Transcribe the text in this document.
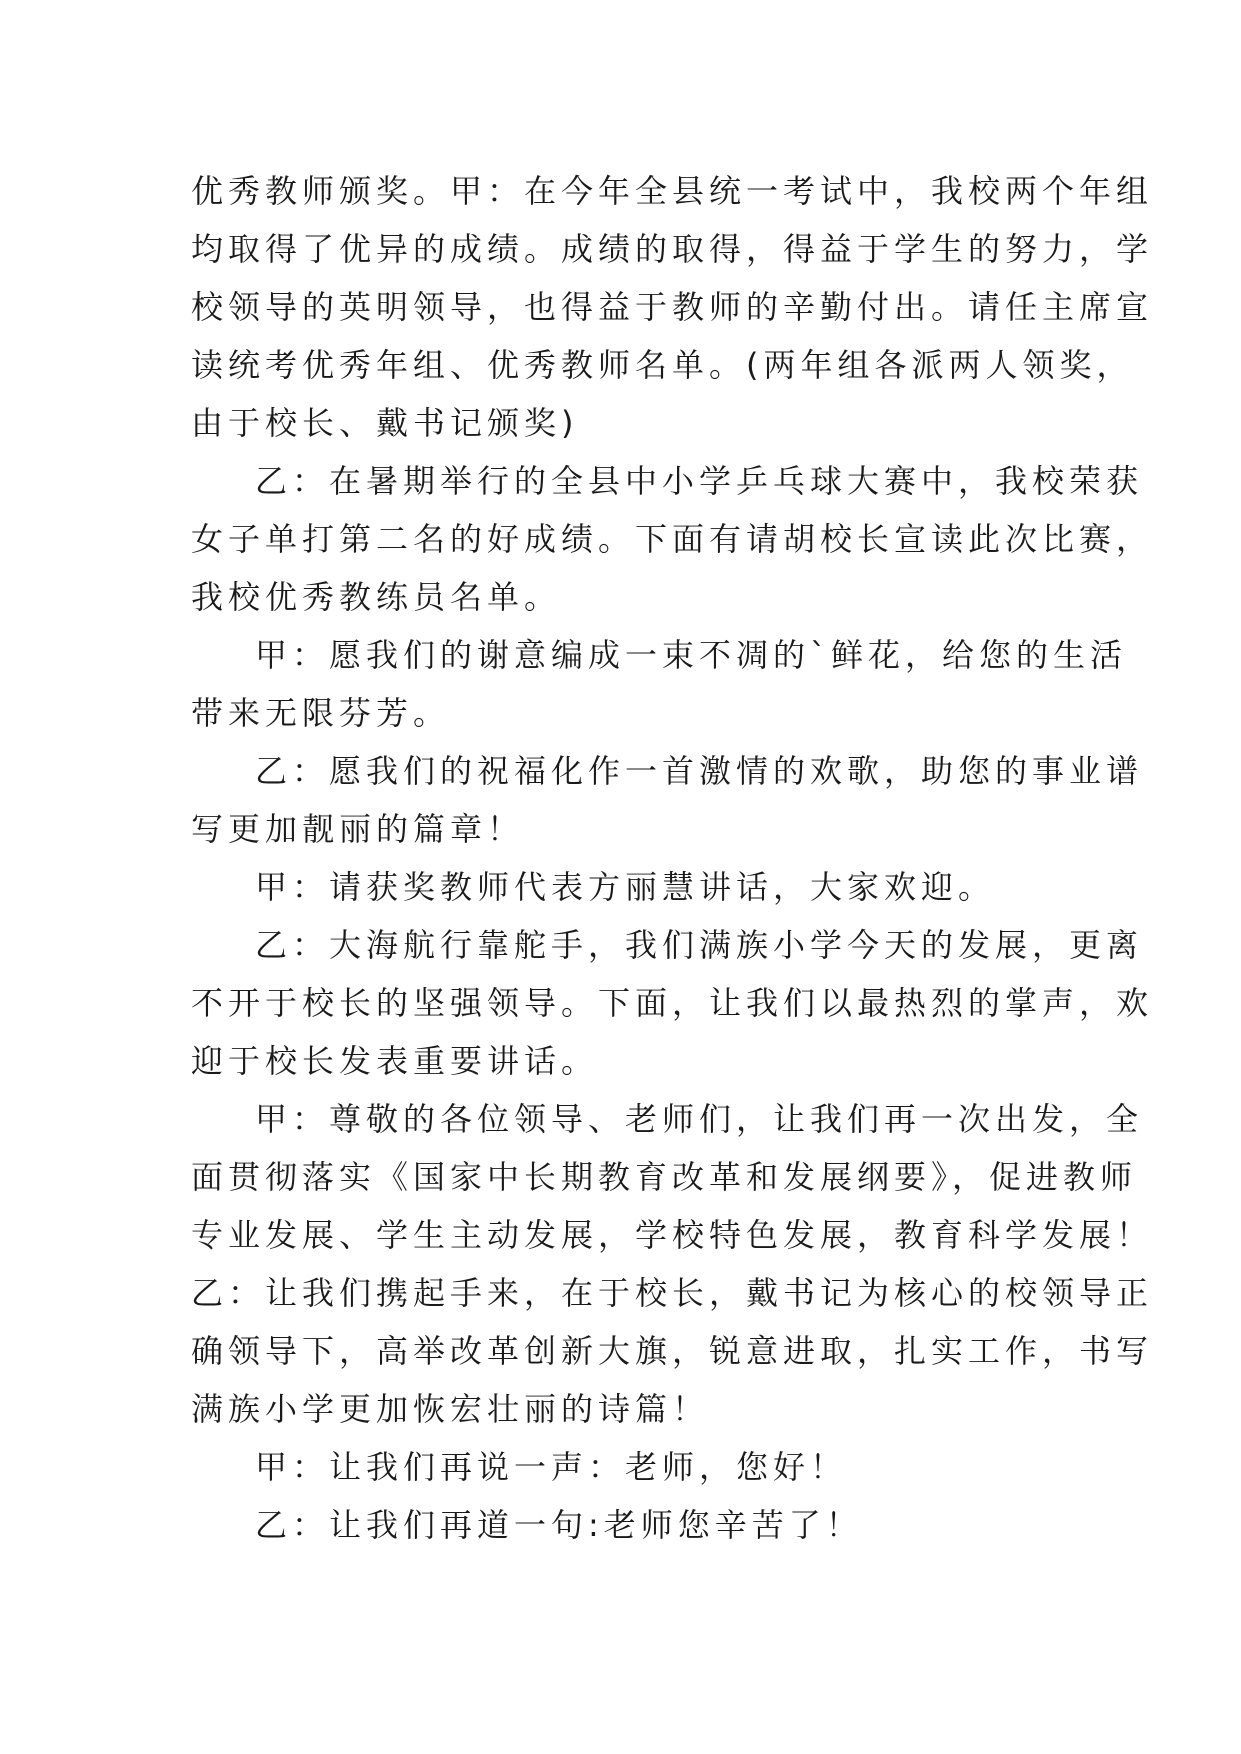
优秀教师颁奖。甲：在今年全县统一考试中，我校两个年组
均取得了优异的成绩。成绩的取得，得益于学生的努力，学
校领导的英明领导，也得益于教师的辛勤付出。请任主席宣
读统考优秀年组、优秀教师名单。(两年组各派两人领奖，
由于校长、戴书记颁奖)
乙：在暑期举行的全县中小学乒乓球大赛中，我校荣获
女子单打第二名的好成绩。下面有请胡校长宣读此次比赛，
我校优秀教练员名单。
甲：愿我们的谢意编成一束不凋的`鲜花，给您的生活
带来无限芬芳。
乙：愿我们的祝福化作一首激情的欢歌，助您的事业谱
写更加靓丽的篇章！
甲：请获奖教师代表方丽慧讲话，大家欢迎。
乙：大海航行靠舵手，我们满族小学今天的发展，更离
不开于校长的坚强领导。下面，让我们以最热烈的掌声，欢
迎于校长发表重要讲话。
甲：尊敬的各位领导、老师们，让我们再一次出发，全
面贯彻落实《国家中长期教育改革和发展纲要》，促进教师
专业发展、学生主动发展，学校特色发展，教育科学发展！
乙：让我们携起手来，在于校长，戴书记为核心的校领导正
确领导下，高举改革创新大旗，锐意进取，扎实工作，书写
满族小学更加恢宏壮丽的诗篇！
甲：让我们再说一声：老师，您好！
乙：让我们再道一句:老师您辛苦了！
